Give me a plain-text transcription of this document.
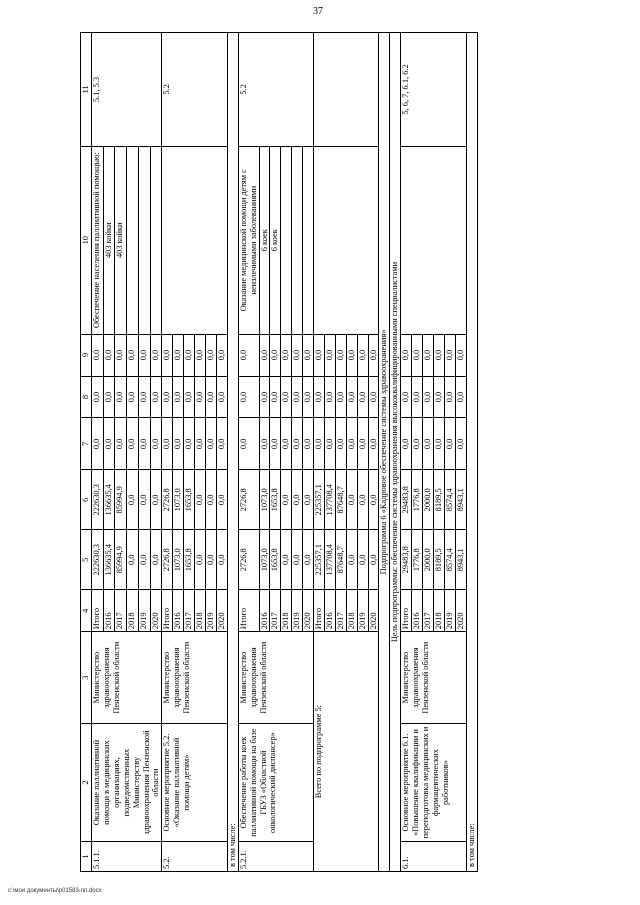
37
1	2	3	4	5	6	7	8	9	10	11
5.1.1.	Оказание паллиативной помощи в медицинских организациях, подведомственных Министерству здравоохранения Пензенской области	Министерство здравоохранения Пензенской области	Итого	222630,3	222630,3	0,0	0,0	0,0	Обеспечение населения паллиативной помощью:	5.1, 5.3
			2016	136635,4	136635,4	0,0	0,0	0,0	403 койки	
			2017	85994,9	85994,9	0,0	0,0	0,0	403 койки	
			2018	0,0	0,0	0,0	0,0	0,0		
			2019	0,0	0,0	0,0	0,0	0,0		
			2020	0,0	0,0	0,0	0,0	0,0		
5.2.	Основное мероприятие 5.2. «Оказание паллиативной помощи детям»	Министерство здравоохранения Пензенской области	Итого	2726,8	2726,8	0,0	0,0	0,0		5.2
			2016	1073,0	1073,0	0,0	0,0	0,0		
			2017	1653,8	1653,8	0,0	0,0	0,0		
			2018	0,0	0,0	0,0	0,0	0,0		
			2019	0,0	0,0	0,0	0,0	0,0		
			2020	0,0	0,0	0,0	0,0	0,0		
в том числе:										
5.2.1.	Обеспечение работы коек паллиативной помощи на базе ГБУЗ «Областной онкологический диспансер»	Министерство здравоохранения Пензенской области	Итого	2726,8	2726,8	0,0	0,0	0,0	Оказание медицинской помощи детям с неизлечимыми заболеваниями	5.2
			2016	1073,0	1073,0	0,0	0,0	0,0	6 коек	
			2017	1653,8	1653,8	0,0	0,0	0,0	6 коек	
			2018	0,0	0,0	0,0	0,0	0,0		
			2019	0,0	0,0	0,0	0,0	0,0		
			2020	0,0	0,0	0,0	0,0	0,0		
Всего по подпрограмме 5:			Итого	225357,1	225357,1	0,0	0,0	0,0		
			2016	137708,4	137708,4	0,0	0,0	0,0		
			2017	87648,7	87648,7	0,0	0,0	0,0		
			2018	0,0	0,0	0,0	0,0	0,0		
			2019	0,0	0,0	0,0	0,0	0,0		
			2020	0,0	0,0	0,0	0,0	0,0		
Подпрограмма 6 «Кадровое обеспечение системы здравоохранения»										
Цель подпрограммы: обеспечение системы здравоохранения высококвалифицированными специалистами										
6.1.	Основное мероприятие 6.1. «Повышение квалификации и переподготовка медицинских и фармацевтических работников»	Министерство здравоохранения Пензенской области	Итого	29483,8	29483,8	0,0	0,0	0,0		5, 6, 7, 6.1, 6.2
			2016	1776,8	1776,8	0,0	0,0	0,0		
			2017	2000,0	2000,0	0,0	0,0	0,0		
			2018	8189,5	8189,5	0,0	0,0	0,0		
			2019	8574,4	8574,4	0,0	0,0	0,0		
			2020	8943,1	8943,1	0,0	0,0	0,0		
в том числе:										
c:\мои документы\р01583-пп.docx
